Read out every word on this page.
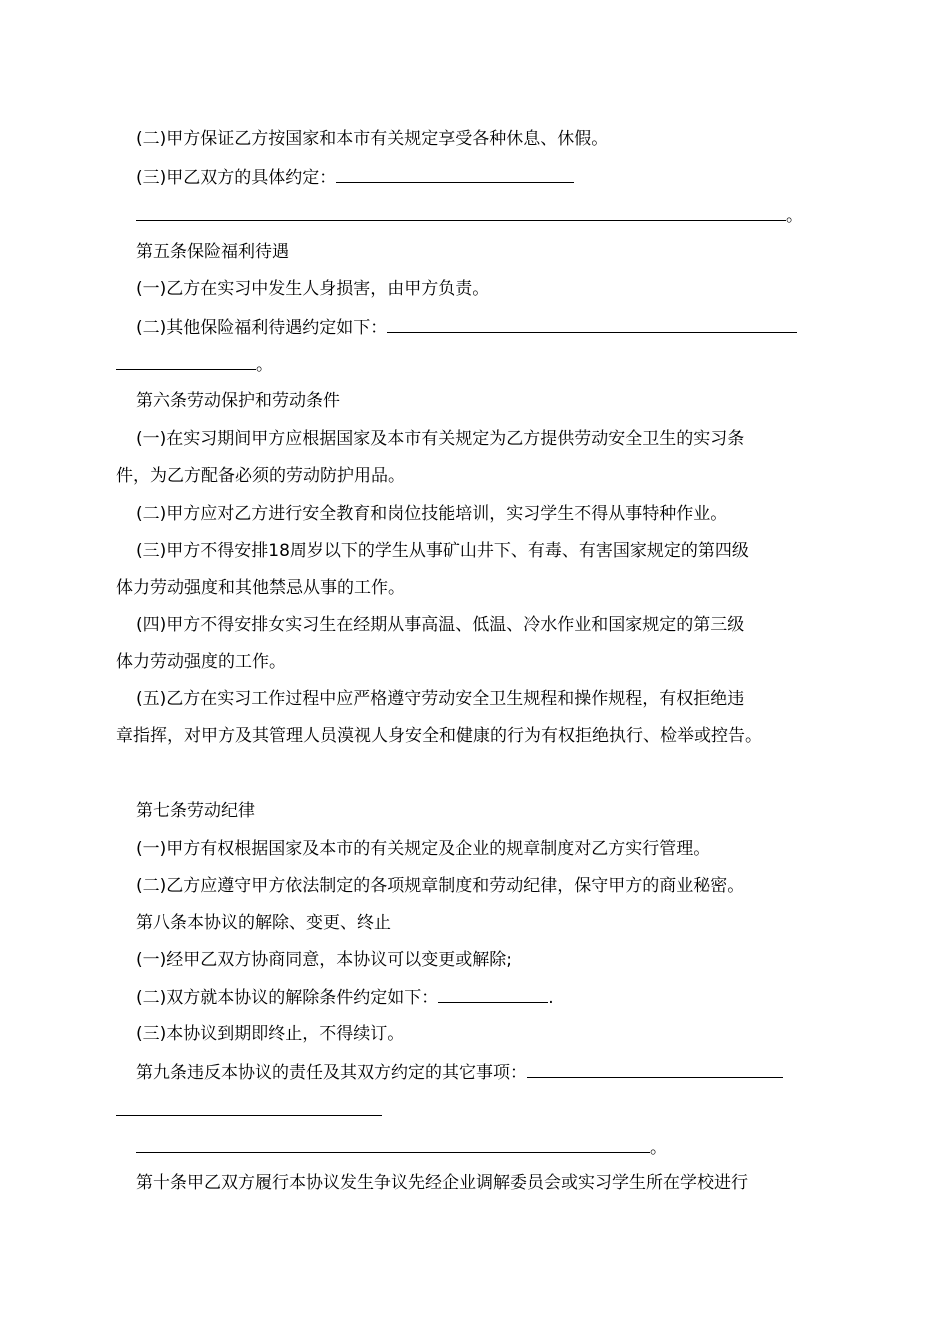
(二)甲方保证乙方按国家和本市有关规定享受各种休息、休假。
(三)甲乙双方的具体约定：
。
第五条保险福利待遇
(一)乙方在实习中发生人身损害，由甲方负责。
(二)其他保险福利待遇约定如下：
。
第六条劳动保护和劳动条件
(一)在实习期间甲方应根据国家及本市有关规定为乙方提供劳动安全卫生的实习条
件，为乙方配备必须的劳动防护用品。
(二)甲方应对乙方进行安全教育和岗位技能培训，实习学生不得从事特种作业。
(三)甲方不得安排18周岁以下的学生从事矿山井下、有毒、有害国家规定的第四级
体力劳动强度和其他禁忌从事的工作。
(四)甲方不得安排女实习生在经期从事高温、低温、冷水作业和国家规定的第三级
体力劳动强度的工作。
(五)乙方在实习工作过程中应严格遵守劳动安全卫生规程和操作规程，有权拒绝违
章指挥，对甲方及其管理人员漠视人身安全和健康的行为有权拒绝执行、检举或控告。
第七条劳动纪律
(一)甲方有权根据国家及本市的有关规定及企业的规章制度对乙方实行管理。
(二)乙方应遵守甲方依法制定的各项规章制度和劳动纪律，保守甲方的商业秘密。
第八条本协议的解除、变更、终止
(一)经甲乙双方协商同意，本协议可以变更或解除;
(二)双方就本协议的解除条件约定如下：	.
(三)本协议到期即终止，不得续订。
第九条违反本协议的责任及其双方约定的其它事项：
。
第十条甲乙双方履行本协议发生争议先经企业调解委员会或实习学生所在学校进行
